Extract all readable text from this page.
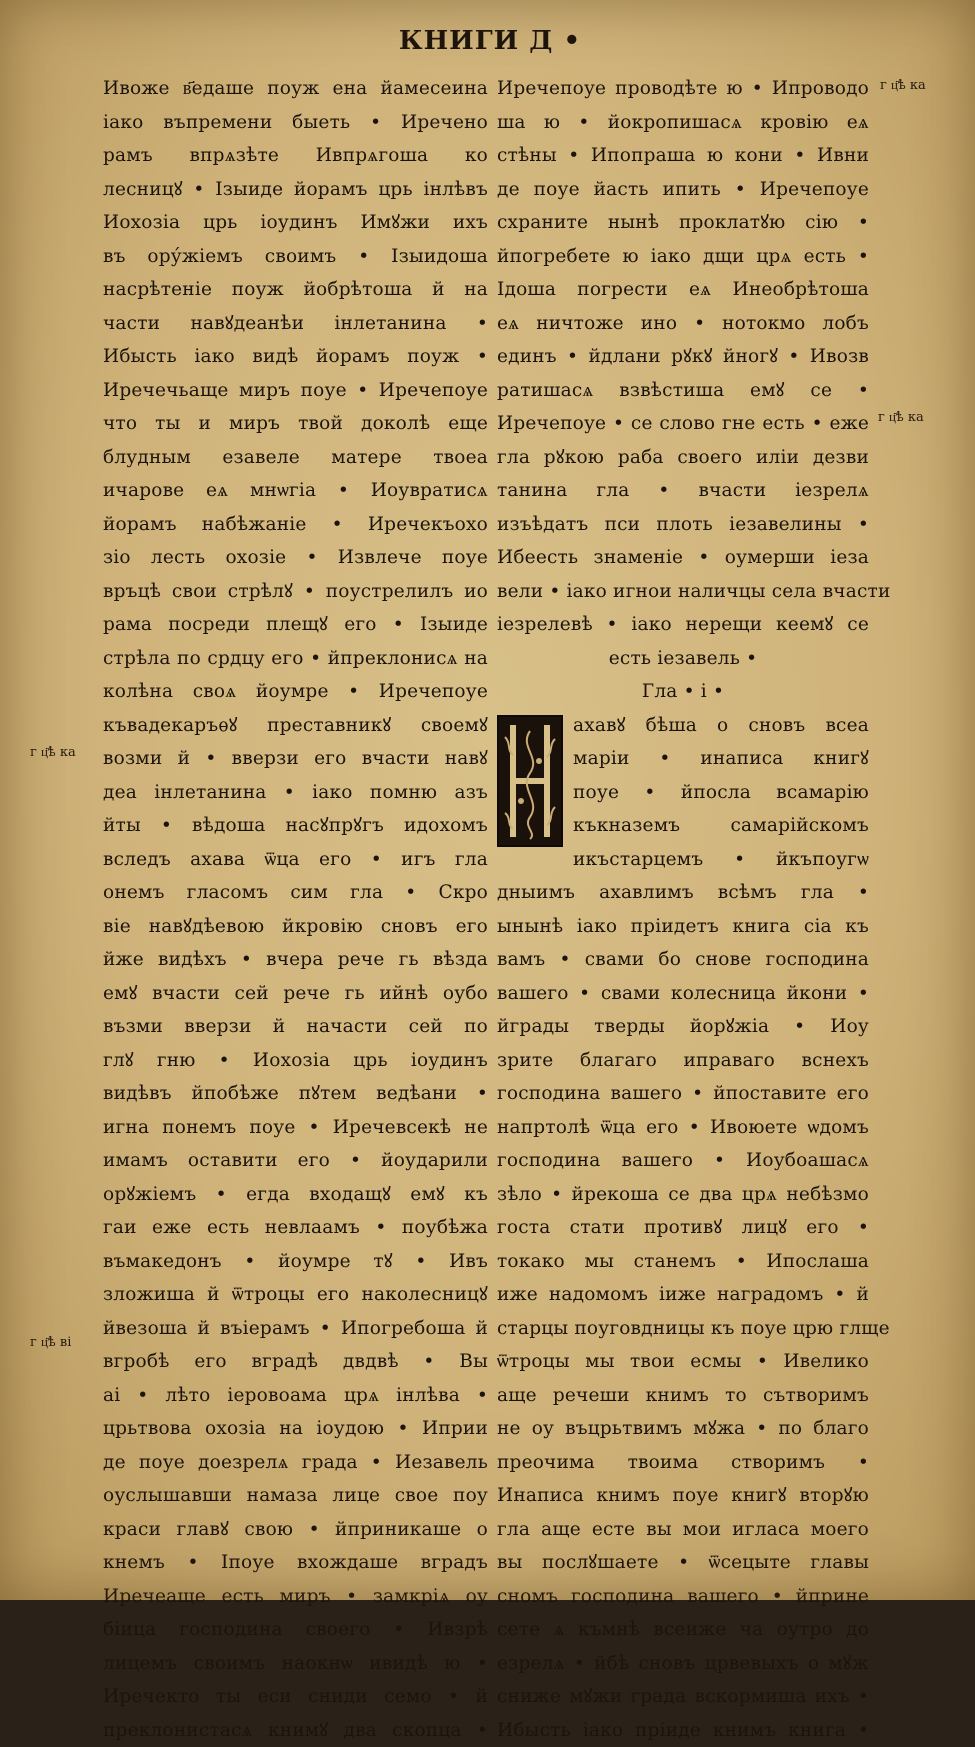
КНИГИ Д •
г ц҃ѣ ка
г ц҃ѣ ка
г ц҃ѣ ка
г ц҃ѣ ві
Ивоже в҃едаше поуж ена йамесеина
іако въпремени быеть • Иречено
рамъ впрѧзѣте Ивпрѧгоша ко
лесницꙋ • Ізыиде йорамъ црь інлѣвъ
Иохозіа црь іоудинъ Имꙋжи ихъ
въ ору́жіемъ своимъ • Ізыидоша
насрѣтеніе поуж йобрѣтоша й на
части навꙋдеанѣи інлетанина •
Ибысть іако видѣ йорамъ поуж •
Иречечьаще миръ поуе • Иречепоуе
что ты и миръ твой доколѣ еще
блудным езавеле матере твоеа
ичарове еѧ мнѡгіа • Иоувратисѧ
йорамъ набѣжаніе • Иречекъохо
зіо лесть охозіе • Извлече поуе
връцѣ свои стрѣлꙋ • поустрелилъ ио
рама посреди плещꙋ его • Ізыиде
стрѣла по срдцу его • йпреклонисѧ на
колѣна своѧ йоумре • Иречепоуе
къвадекаръѳꙋ преставникꙋ своемꙋ
возми й • вверзи его вчасти навꙋ
деа інлетанина • іако помню азъ
йты • вѣдоша насꙋпрꙋгъ идохомъ
вследъ ахава ѿца его • игъ гла
онемъ гласомъ сим гла • Скро
віе навꙋдѣевою йкровію сновъ его
йже видѣхъ • вчера рече гь вѣзда
емꙋ вчасти сей рече гь ийнѣ оубо
възми вверзи й начасти сей по
глꙋ гню • Иохозіа црь іоудинъ
видѣвъ йпобѣже пꙋтем ведѣани •
игна понемъ поуе • Иречевсекѣ не
имамъ оставити его • йоударили
орꙋжіемъ • егда входащꙋ емꙋ къ
гаи еже есть невлаамъ • поубѣжа
въмакедонъ • йоумре тꙋ • Ивъ
зложиша й ѿтроцы его наколесницꙋ
йвезоша й въіерамъ • Ипогребоша й
вгробѣ его вградѣ двдвѣ • Вы
аі • лѣто іеровоама црѧ інлѣва •
црьтвова охозіа на іоудою • Иприи
де поуе доезрелѧ града • Иезавель
оуслышавши намаза лице свое поу
краси главꙋ свою • йприникаше о
кнемъ • Іпоуе вхождаше вградъ
Иречеаще есть миръ • замкріѧ оу
біица господина своего • Ивзрѣ
лицемъ своимъ наокнѡ ивидѣ ю •
Иречекто ты еси сниди семо • й
преклонистасѧ книмꙋ два скопца •
Иречепоуе проводѣте ю • Ипроводо
ша ю • йокропишасѧ кровію еѧ
стѣны • Ипопраша ю кони • Ивни
де поуе йасть ипить • Иречепоуе
схраните нынѣ проклатꙋю сію •
йпогребете ю іако дщи црѧ есть •
Ідоша погрести еѧ Инеобрѣтоша
еѧ ничтоже ино • нотокмо лобъ
единъ • йдлани рꙋкꙋ йногꙋ • Ивозв
ратишасѧ взвѣстиша емꙋ се •
Иречепоуе • се слово гне есть • еже
гла рꙋкою раба своего иліи дезви
танина гла • вчасти іезрелѧ
изъѣдатъ пси плоть іезавелины •
Ибеесть знаменіе • оумерши іеза
вели • іако игнои наличцы села вчасти
іезрелевѣ • іако нерещи кеемꙋ се
есть іезавель •
Гла • і •
ахавꙋ бѣша о сновъ всеа
маріи • инаписа книгꙋ
поуе • йпосла всамарію
къкназемъ самарійскомъ
икъстарцемъ • йкъпоугѡ
дныимъ ахавлимъ всѣмъ гла •
ынынѣ іако пріидетъ книга сіа къ
вамъ • свами бо снове господина
вашего • свами колесница йкони •
йграды тверды йорꙋжіа • Иоу
зрите благаго иправаго вснехъ
господина вашего • йпоставите его
напртолѣ ѿца его • Ивоюете ѡдомъ
господина вашего • Иоубоашасѧ
зѣло • йрекоша се два црѧ небѣзмо
госта стати противꙋ лицꙋ его •
токако мы станемъ • Ипослаша
иже надомомъ іиже наградомъ • й
старцы поуговдницы къ поуе црю глще
ѿтроцы мы твои есмы • Ивелико
аще речеши книмъ то сътворимъ
не оу въцрьтвимъ мꙋжа • по благо
преочима твоима створимъ •
Инаписа книмъ поуе книгꙋ вторꙋю
гла аще есте вы мои игласа моего
вы послꙋшаете • ѿсецыте главы
сномъ господина вашего • йприне
сете ѧ къмнѣ всеиже ча оутро до
езрелѧ • йбѣ сновъ црвевыхъ о мꙋж
сниже мꙋжи града вскормиша ихъ •
Ибысть іако пріиде книмъ книга •
